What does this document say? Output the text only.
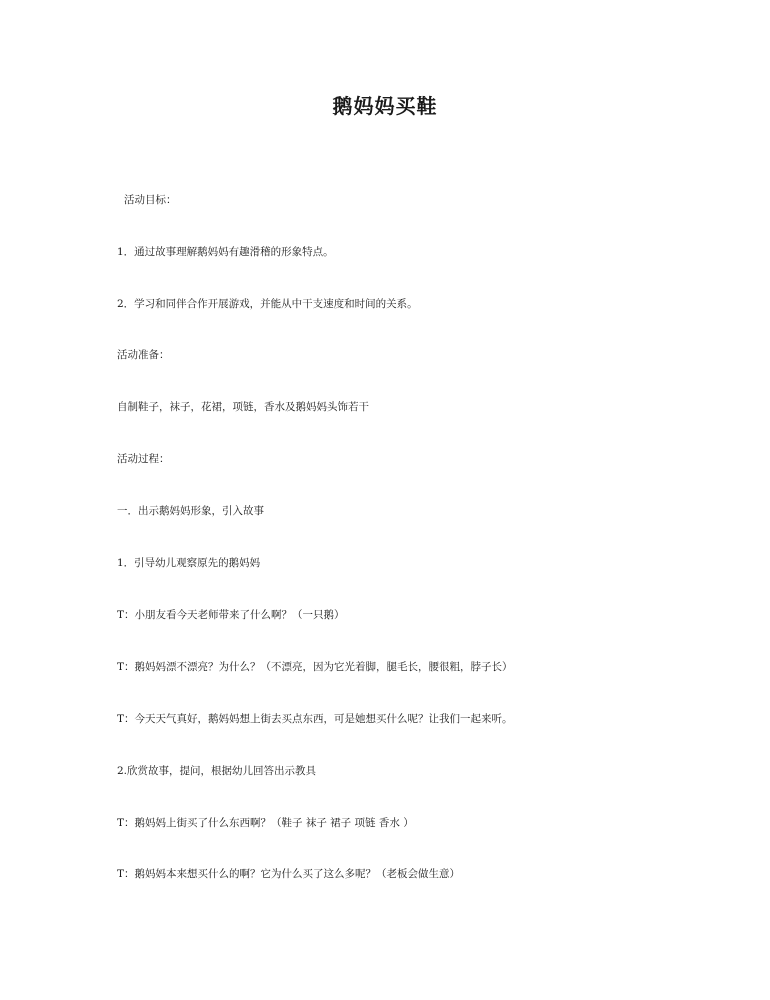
鹅妈妈买鞋
活动目标：
1．通过故事理解鹅妈妈有趣滑稽的形象特点。
2．学习和同伴合作开展游戏，并能从中干支速度和时间的关系。
活动准备：
自制鞋子，袜子，花裙，项链，香水及鹅妈妈头饰若干
活动过程：
一．出示鹅妈妈形象，引入故事
1．引导幼儿观察原先的鹅妈妈
T：小朋友看今天老师带来了什么啊？（一只鹅）
T：鹅妈妈漂不漂亮？为什么？（不漂亮，因为它光着脚，腿毛长，腰很粗，脖子长）
T：今天天气真好，鹅妈妈想上街去买点东西，可是她想买什么呢？让我们一起来听。
2.欣赏故事，提问，根据幼儿回答出示教具
T：鹅妈妈上街买了什么东西啊？（鞋子 袜子 裙子 项链 香水 ）
T：鹅妈妈本来想买什么的啊？它为什么买了这么多呢？（老板会做生意）
